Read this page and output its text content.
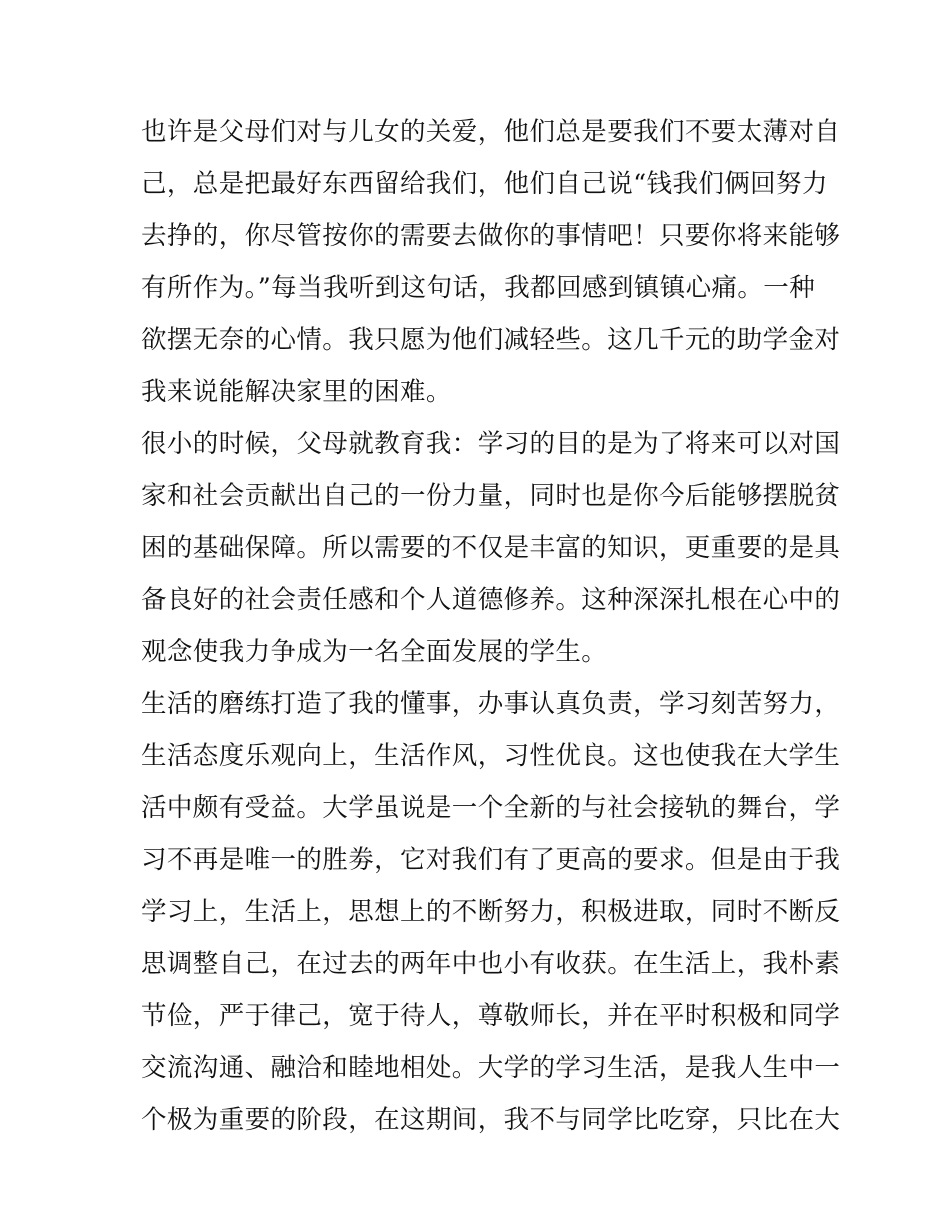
也许是父母们对与儿女的关爱，他们总是要我们不要太薄对自
己，总是把最好东西留给我们，他们自己说“钱我们俩回努力
去挣的，你尽管按你的需要去做你的事情吧！只要你将来能够
有所作为。”每当我听到这句话，我都回感到镇镇心痛。一种
欲摆无奈的心情。我只愿为他们减轻些。这几千元的助学金对
我来说能解决家里的困难。
很小的时候，父母就教育我：学习的目的是为了将来可以对国
家和社会贡献出自己的一份力量，同时也是你今后能够摆脱贫
困的基础保障。所以需要的不仅是丰富的知识，更重要的是具
备良好的社会责任感和个人道德修养。这种深深扎根在心中的
观念使我力争成为一名全面发展的学生。
生活的磨练打造了我的懂事，办事认真负责，学习刻苦努力，
生活态度乐观向上，生活作风，习性优良。这也使我在大学生
活中颇有受益。大学虽说是一个全新的与社会接轨的舞台，学
习不再是唯一的胜劵，它对我们有了更高的要求。但是由于我
学习上，生活上，思想上的不断努力，积极进取，同时不断反
思调整自己，在过去的两年中也小有收获。在生活上，我朴素
节俭，严于律己，宽于待人，尊敬师长，并在平时积极和同学
交流沟通、融洽和睦地相处。大学的学习生活，是我人生中一
个极为重要的阶段，在这期间，我不与同学比吃穿，只比在大
